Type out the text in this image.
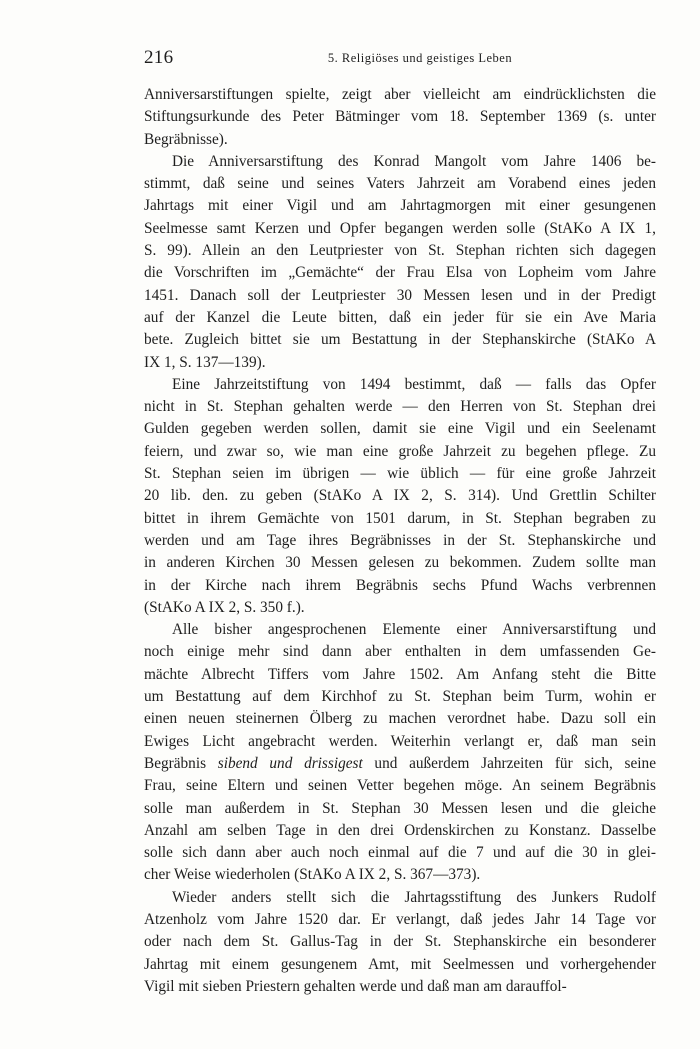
216	5. Religiöses und geistiges Leben
Anniversarstiftungen spielte, zeigt aber vielleicht am eindrücklichsten die
Stiftungsurkunde des Peter Bätminger vom 18. September 1369 (s. unter
Begräbnisse).
Die Anniversarstiftung des Konrad Mangolt vom Jahre 1406 be-
stimmt, daß seine und seines Vaters Jahrzeit am Vorabend eines jeden
Jahrtags mit einer Vigil und am Jahrtagmorgen mit einer gesungenen
Seelmesse samt Kerzen und Opfer begangen werden solle (StAKo A IX 1,
S. 99). Allein an den Leutpriester von St. Stephan richten sich dagegen
die Vorschriften im „Gemächte“ der Frau Elsa von Lopheim vom Jahre
1451. Danach soll der Leutpriester 30 Messen lesen und in der Predigt
auf der Kanzel die Leute bitten, daß ein jeder für sie ein Ave Maria
bete. Zugleich bittet sie um Bestattung in der Stephanskirche (StAKo A
IX 1, S. 137—139).
Eine Jahrzeitstiftung von 1494 bestimmt, daß — falls das Opfer
nicht in St. Stephan gehalten werde — den Herren von St. Stephan drei
Gulden gegeben werden sollen, damit sie eine Vigil und ein Seelenamt
feiern, und zwar so, wie man eine große Jahrzeit zu begehen pflege. Zu
St. Stephan seien im übrigen — wie üblich — für eine große Jahrzeit
20 lib. den. zu geben (StAKo A IX 2, S. 314). Und Grettlin Schilter
bittet in ihrem Gemächte von 1501 darum, in St. Stephan begraben zu
werden und am Tage ihres Begräbnisses in der St. Stephanskirche und
in anderen Kirchen 30 Messen gelesen zu bekommen. Zudem sollte man
in der Kirche nach ihrem Begräbnis sechs Pfund Wachs verbrennen
(StAKo A IX 2, S. 350 f.).
Alle bisher angesprochenen Elemente einer Anniversarstiftung und
noch einige mehr sind dann aber enthalten in dem umfassenden Ge-
mächte Albrecht Tiffers vom Jahre 1502. Am Anfang steht die Bitte
um Bestattung auf dem Kirchhof zu St. Stephan beim Turm, wohin er
einen neuen steinernen Ölberg zu machen verordnet habe. Dazu soll ein
Ewiges Licht angebracht werden. Weiterhin verlangt er, daß man sein
Begräbnis sibend und drissigest und außerdem Jahrzeiten für sich, seine
Frau, seine Eltern und seinen Vetter begehen möge. An seinem Begräbnis
solle man außerdem in St. Stephan 30 Messen lesen und die gleiche
Anzahl am selben Tage in den drei Ordenskirchen zu Konstanz. Dasselbe
solle sich dann aber auch noch einmal auf die 7 und auf die 30 in glei-
cher Weise wiederholen (StAKo A IX 2, S. 367—373).
Wieder anders stellt sich die Jahrtagsstiftung des Junkers Rudolf
Atzenholz vom Jahre 1520 dar. Er verlangt, daß jedes Jahr 14 Tage vor
oder nach dem St. Gallus-Tag in der St. Stephanskirche ein besonderer
Jahrtag mit einem gesungenem Amt, mit Seelmessen und vorhergehender
Vigil mit sieben Priestern gehalten werde und daß man am darauffol-
